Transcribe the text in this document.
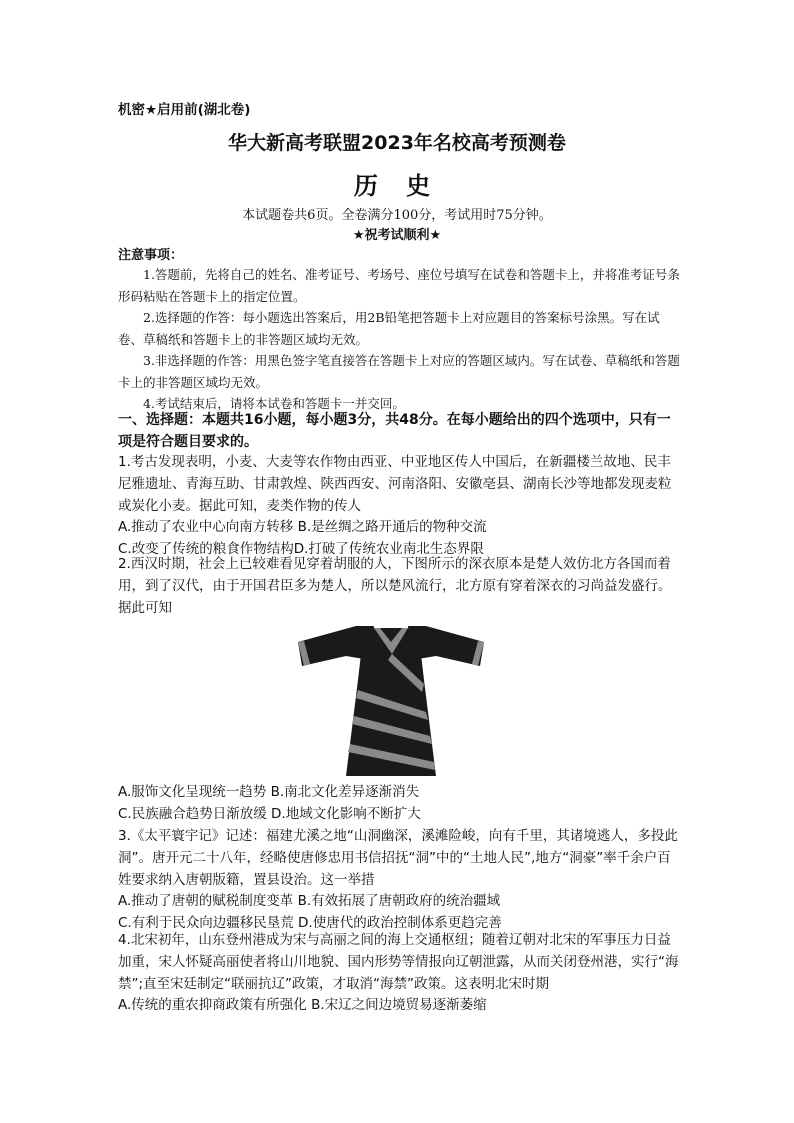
机密★启用前(湖北卷)
华大新高考联盟2023年名校高考预测卷
历 史
本试题卷共6页。全卷满分100分，考试用时75分钟。
★祝考试顺利★
注意事项：

1.答题前，先将自己的姓名、准考证号、考场号、座位号填写在试卷和答题卡上，并将准考证号条形码粘贴在答题卡上的指定位置。

2.选择题的作答：每小题选出答案后，用2B铅笔把答题卡上对应题目的答案标号涂黑。写在试卷、草稿纸和答题卡上的非答题区域均无效。

3.非选择题的作答：用黑色签字笔直接答在答题卡上对应的答题区域内。写在试卷、草稿纸和答题卡上的非答题区域均无效。

4.考试结束后，请将本试卷和答题卡一并交回。

一、选择题：本题共16小题，每小题3分，共48分。在每小题给出的四个选项中，只有一项是符合题目要求的。

1.考古发现表明，小麦、大麦等农作物由西亚、中亚地区传人中国后，在新疆楼兰故地、民丰尼雅遗址、青海互助、甘肃敦煌、陕西西安、河南洛阳、安徽亳县、湖南长沙等地都发现麦粒或炭化小麦。据此可知，麦类作物的传人

A.推动了农业中心向南方转移 B.是丝绸之路开通后的物种交流

C.改变了传统的粮食作物结构D.打破了传统农业南北生态界限

2.西汉时期，社会上已较难看见穿着胡服的人，下图所示的深衣原本是楚人效仿北方各国而着用，到了汉代，由于开国君臣多为楚人，所以楚风流行，北方原有穿着深衣的习尚益发盛行。据此可知

A.服饰文化呈现统一趋势 B.南北文化差异逐渐消失

C.民族融合趋势日渐放缓 D.地域文化影响不断扩大

3.《太平寰宇记》记述：福建尤溪之地“山洞幽深，溪滩险峻，向有千里，其诸境逃人，多投此洞”。唐开元二十八年，经略使唐修忠用书信招抚“洞”中的“土地人民”,地方“洞豪”率千余户百姓要求纳入唐朝版籍，置县设治。这一举措

A.推动了唐朝的赋税制度变革 B.有效拓展了唐朝政府的统治疆域

C.有利于民众向边疆移民垦荒 D.使唐代的政治控制体系更趋完善

4.北宋初年，山东登州港成为宋与高丽之间的海上交通枢纽；随着辽朝对北宋的军事压力日益加重，宋人怀疑高丽使者将山川地貌、国内形势等情报向辽朝泄露，从而关闭登州港，实行“海禁”;直至宋廷制定“联丽抗辽”政策，才取消“海禁”政策。这表明北宋时期

A.传统的重农抑商政策有所强化 B.宋辽之间边境贸易逐渐萎缩
